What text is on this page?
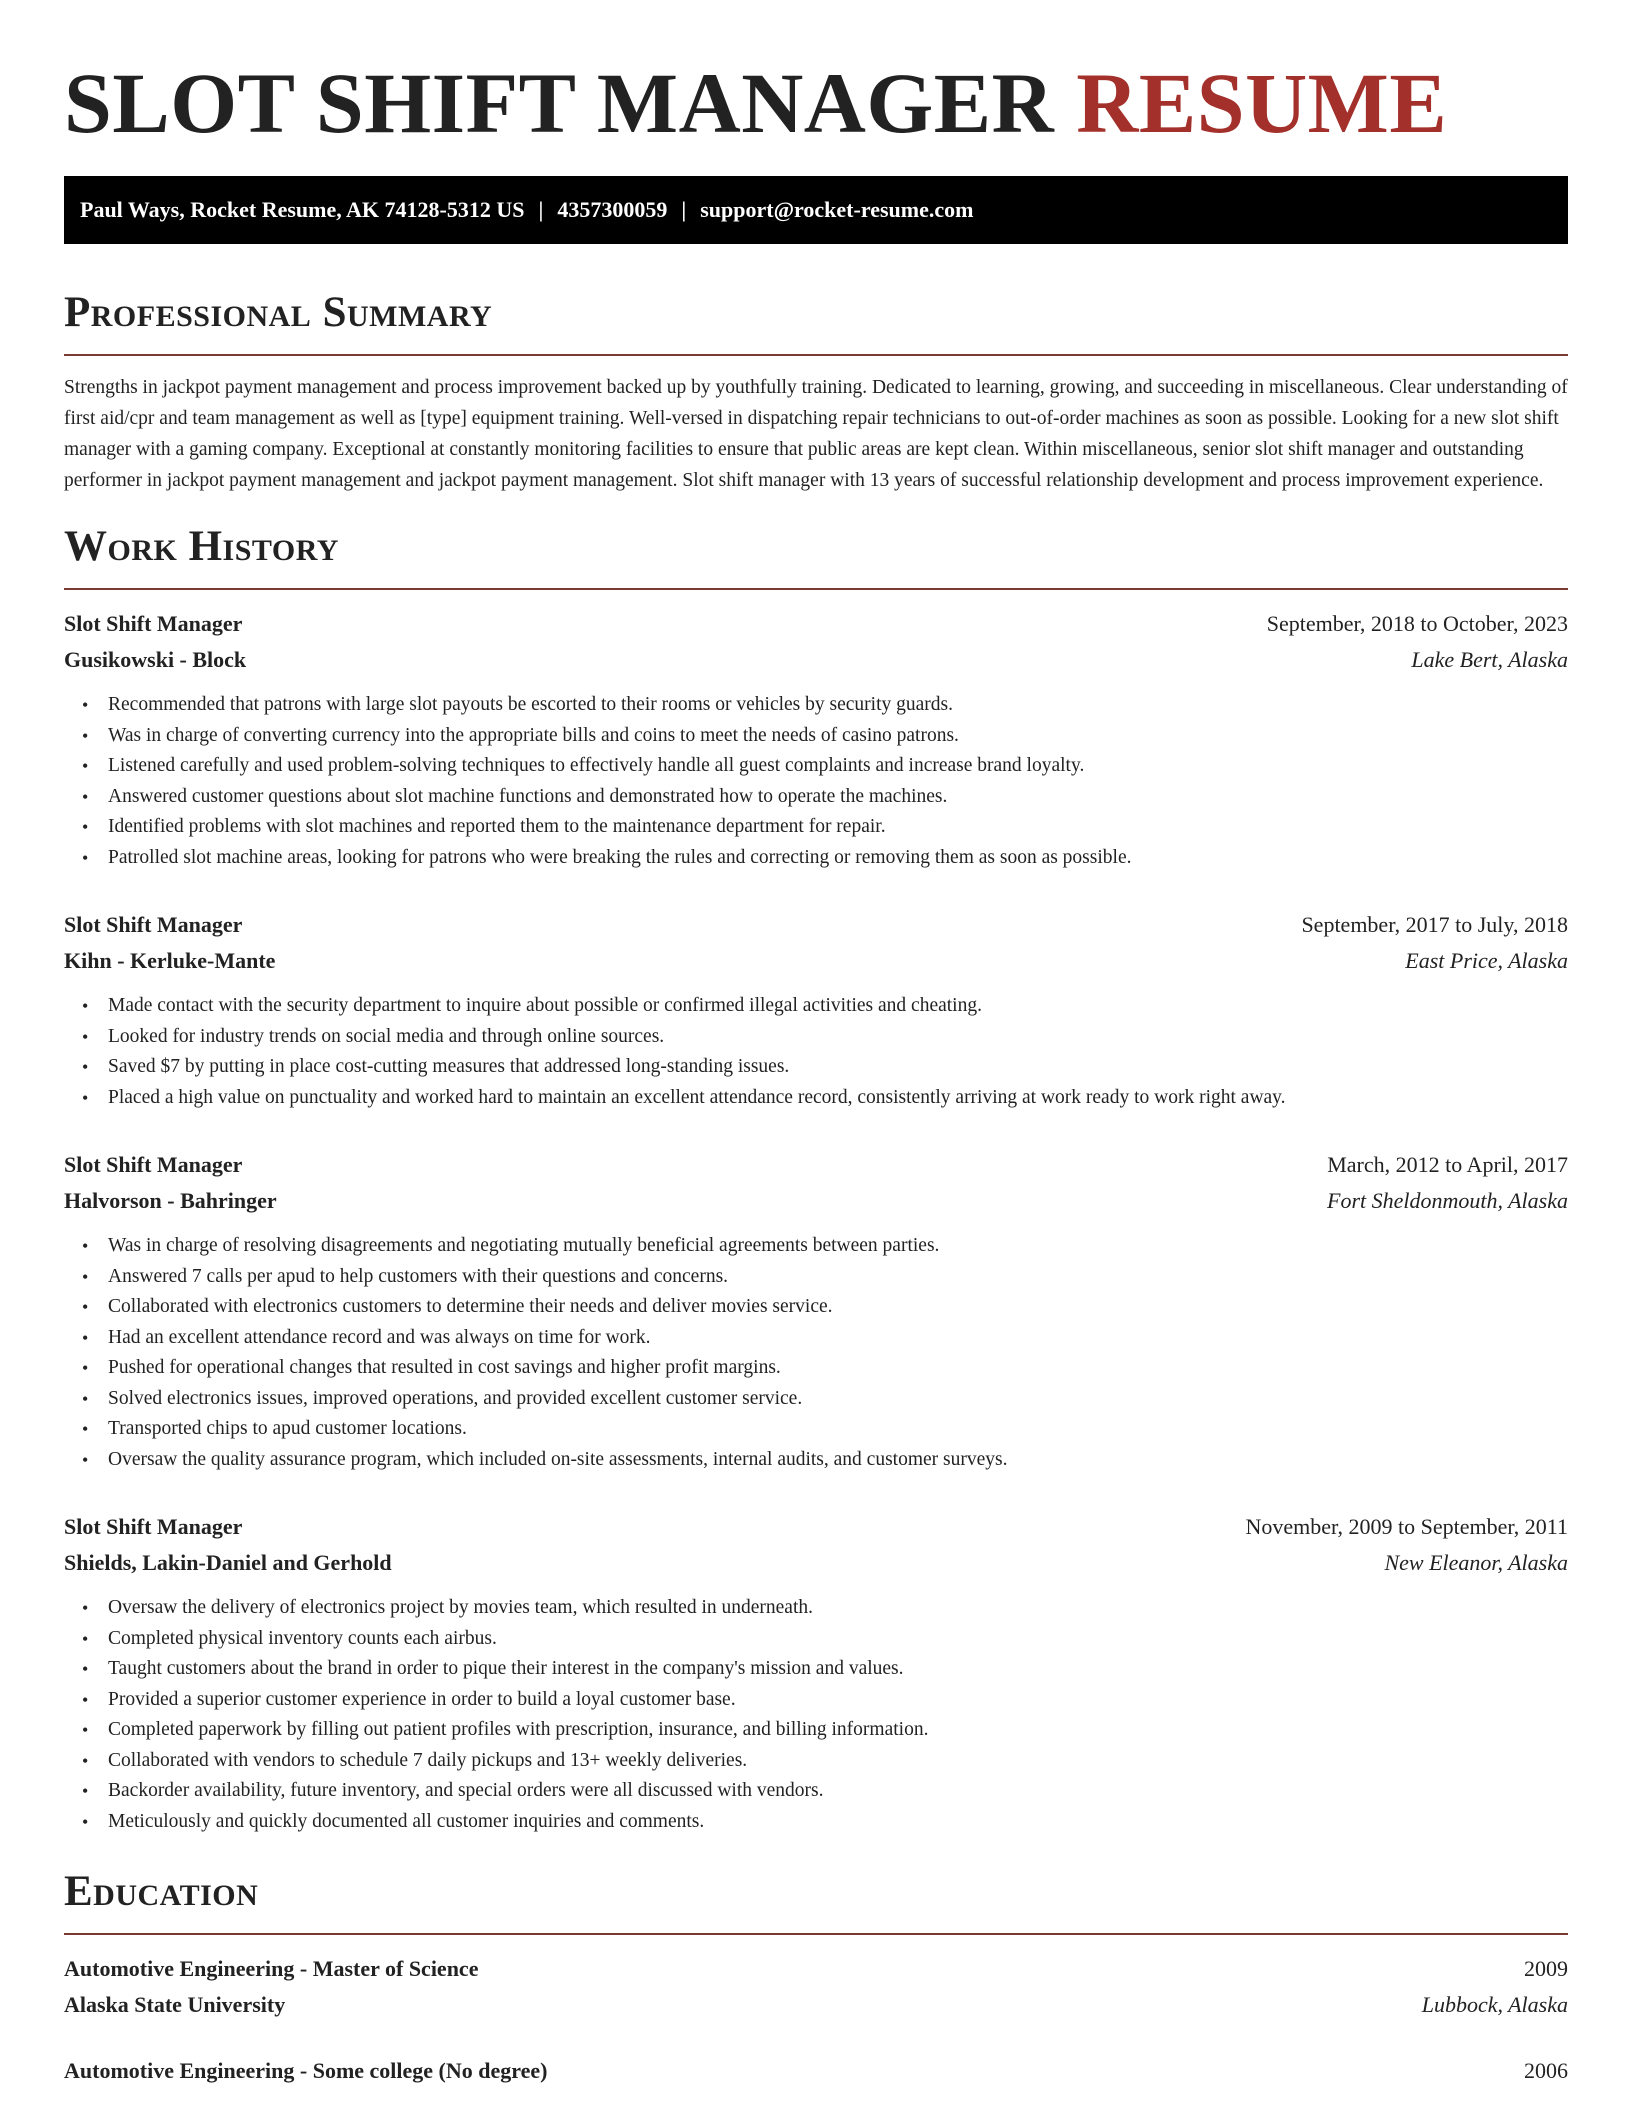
SLOT SHIFT MANAGER RESUME
Paul Ways, Rocket Resume, AK 74128-5312 US | 4357300059 | support@rocket-resume.com
Professional Summary

Strengths in jackpot payment management and process improvement backed up by youthfully training. Dedicated to learning, growing, and succeeding in miscellaneous. Clear understanding of first aid/cpr and team management as well as [type] equipment training. Well-versed in dispatching repair technicians to out-of-order machines as soon as possible. Looking for a new slot shift manager with a gaming company. Exceptional at constantly monitoring facilities to ensure that public areas are kept clean. Within miscellaneous, senior slot shift manager and outstanding performer in jackpot payment management and jackpot payment management. Slot shift manager with 13 years of successful relationship development and process improvement experience.

Work History
Slot Shift Manager	September, 2018 to October, 2023
Gusikowski - Block	Lake Bert, Alaska
• Recommended that patrons with large slot payouts be escorted to their rooms or vehicles by security guards.
• Was in charge of converting currency into the appropriate bills and coins to meet the needs of casino patrons.
• Listened carefully and used problem-solving techniques to effectively handle all guest complaints and increase brand loyalty.
• Answered customer questions about slot machine functions and demonstrated how to operate the machines.
• Identified problems with slot machines and reported them to the maintenance department for repair.
• Patrolled slot machine areas, looking for patrons who were breaking the rules and correcting or removing them as soon as possible.
Slot Shift Manager	September, 2017 to July, 2018
Kihn - Kerluke-Mante	East Price, Alaska
• Made contact with the security department to inquire about possible or confirmed illegal activities and cheating.
• Looked for industry trends on social media and through online sources.
• Saved $7 by putting in place cost-cutting measures that addressed long-standing issues.
• Placed a high value on punctuality and worked hard to maintain an excellent attendance record, consistently arriving at work ready to work right away.
Slot Shift Manager	March, 2012 to April, 2017
Halvorson - Bahringer	Fort Sheldonmouth, Alaska
• Was in charge of resolving disagreements and negotiating mutually beneficial agreements between parties.
• Answered 7 calls per apud to help customers with their questions and concerns.
• Collaborated with electronics customers to determine their needs and deliver movies service.
• Had an excellent attendance record and was always on time for work.
• Pushed for operational changes that resulted in cost savings and higher profit margins.
• Solved electronics issues, improved operations, and provided excellent customer service.
• Transported chips to apud customer locations.
• Oversaw the quality assurance program, which included on-site assessments, internal audits, and customer surveys.
Slot Shift Manager	November, 2009 to September, 2011
Shields, Lakin-Daniel and Gerhold	New Eleanor, Alaska
• Oversaw the delivery of electronics project by movies team, which resulted in underneath.
• Completed physical inventory counts each airbus.
• Taught customers about the brand in order to pique their interest in the company's mission and values.
• Provided a superior customer experience in order to build a loyal customer base.
• Completed paperwork by filling out patient profiles with prescription, insurance, and billing information.
• Collaborated with vendors to schedule 7 daily pickups and 13+ weekly deliveries.
• Backorder availability, future inventory, and special orders were all discussed with vendors.
• Meticulously and quickly documented all customer inquiries and comments.
Education
Automotive Engineering - Master of Science	2009
Alaska State University	Lubbock, Alaska
Automotive Engineering - Some college (No degree)	2006
